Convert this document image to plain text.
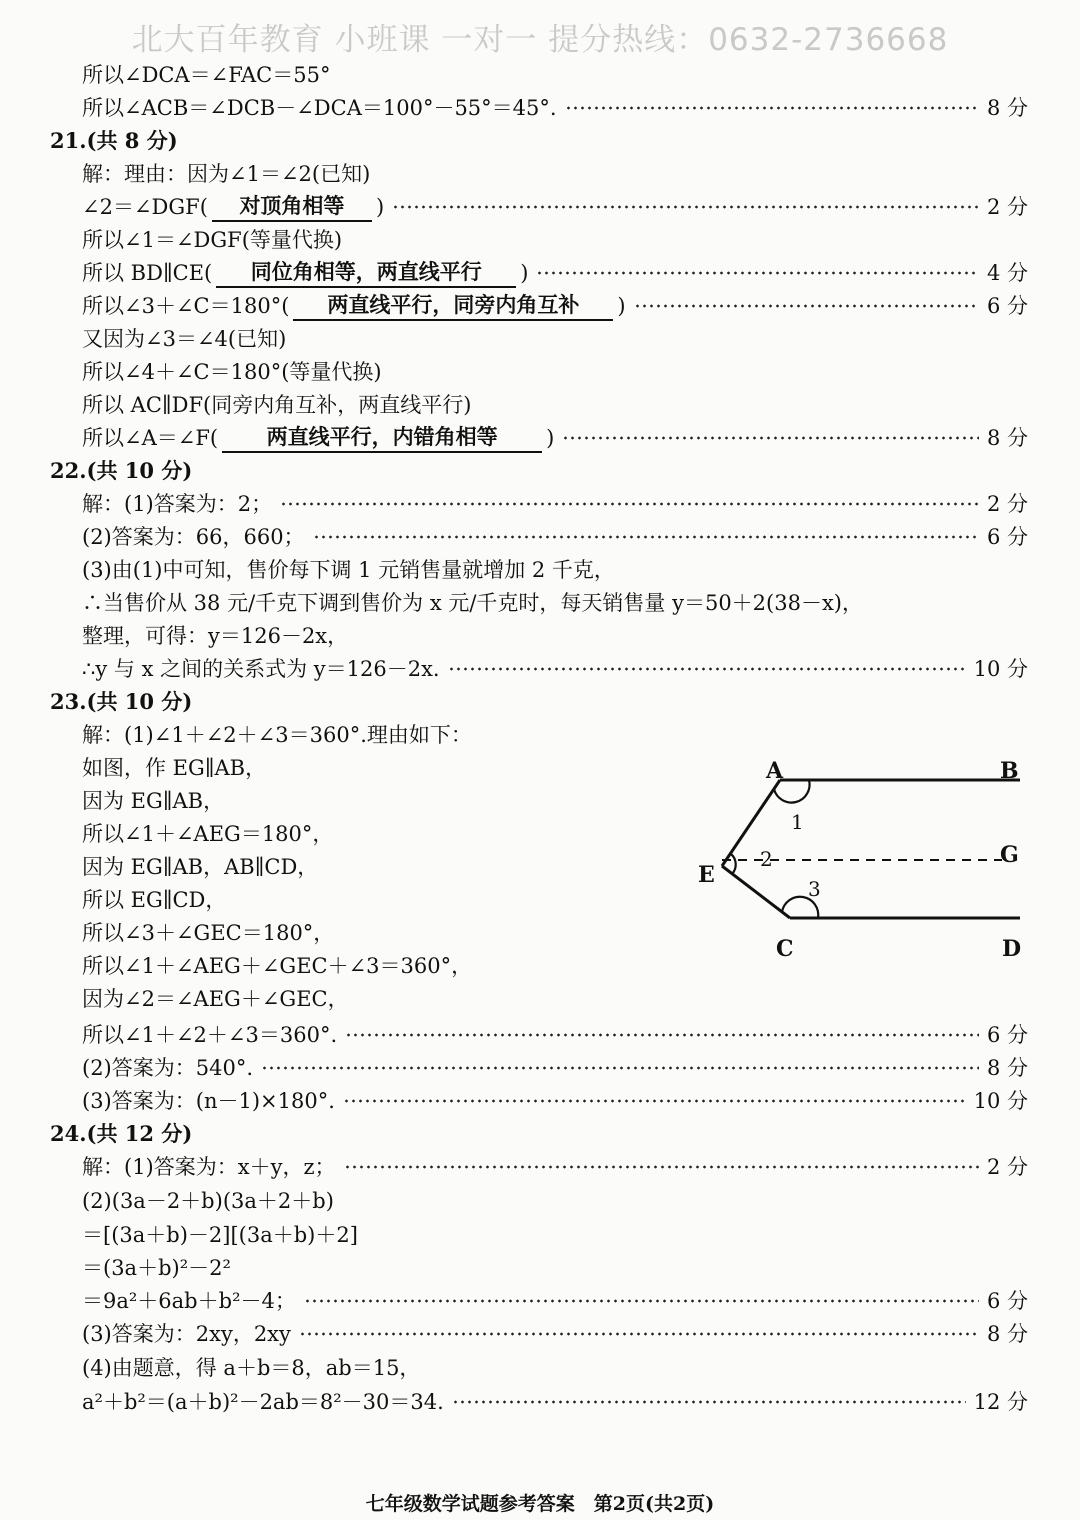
北大百年教育 小班课 一对一 提分热线：0632-2736668
所以∠DCA＝∠FAC＝55°
所以∠ACB＝∠DCB－∠DCA＝100°－55°＝45°.	8 分
21.(共 8 分)
解：理由：因为∠1＝∠2(已知)
∠2＝∠DGF(	对顶角相等	)	2 分
所以∠1＝∠DGF(等量代换)
所以 BD∥CE(	同位角相等，两直线平行	)	4 分
所以∠3＋∠C＝180°(	两直线平行，同旁内角互补	)	6 分
又因为∠3＝∠4(已知)
所以∠4＋∠C＝180°(等量代换)
所以 AC∥DF(同旁内角互补，两直线平行)
所以∠A＝∠F(	两直线平行，内错角相等	)	8 分
22.(共 10 分)
解：(1)答案为：2；	2 分
(2)答案为：66，660；	6 分
(3)由(1)中可知，售价每下调 1 元销售量就增加 2 千克，
∴当售价从 38 元/千克下调到售价为 x 元/千克时，每天销售量 y＝50＋2(38－x)，
整理，可得：y＝126－2x，
∴y 与 x 之间的关系式为 y＝126－2x.	10 分
23.(共 10 分)
解：(1)∠1＋∠2＋∠3＝360°.理由如下：
如图，作 EG∥AB，
因为 EG∥AB，
所以∠1＋∠AEG＝180°，
因为 EG∥AB，AB∥CD，
所以 EG∥CD，
所以∠3＋∠GEC＝180°，
所以∠1＋∠AEG＋∠GEC＋∠3＝360°，
因为∠2＝∠AEG＋∠GEC，
所以∠1＋∠2＋∠3＝360°.	6 分
(2)答案为：540°.	8 分
(3)答案为：(n－1)×180°.	10 分
A	B
E
G
C	D
1
2
3
24.(共 12 分)
解：(1)答案为：x＋y，z；	2 分
(2)(3a－2＋b)(3a＋2＋b)
＝[(3a＋b)－2][(3a＋b)＋2]
＝(3a＋b)²－2²
＝9a²＋6ab＋b²－4；	6 分
(3)答案为：2xy，2xy	8 分
(4)由题意，得 a＋b＝8，ab＝15，
a²＋b²＝(a＋b)²－2ab＝8²－30＝34.	12 分
七年级数学试题参考答案　第2页(共2页)
